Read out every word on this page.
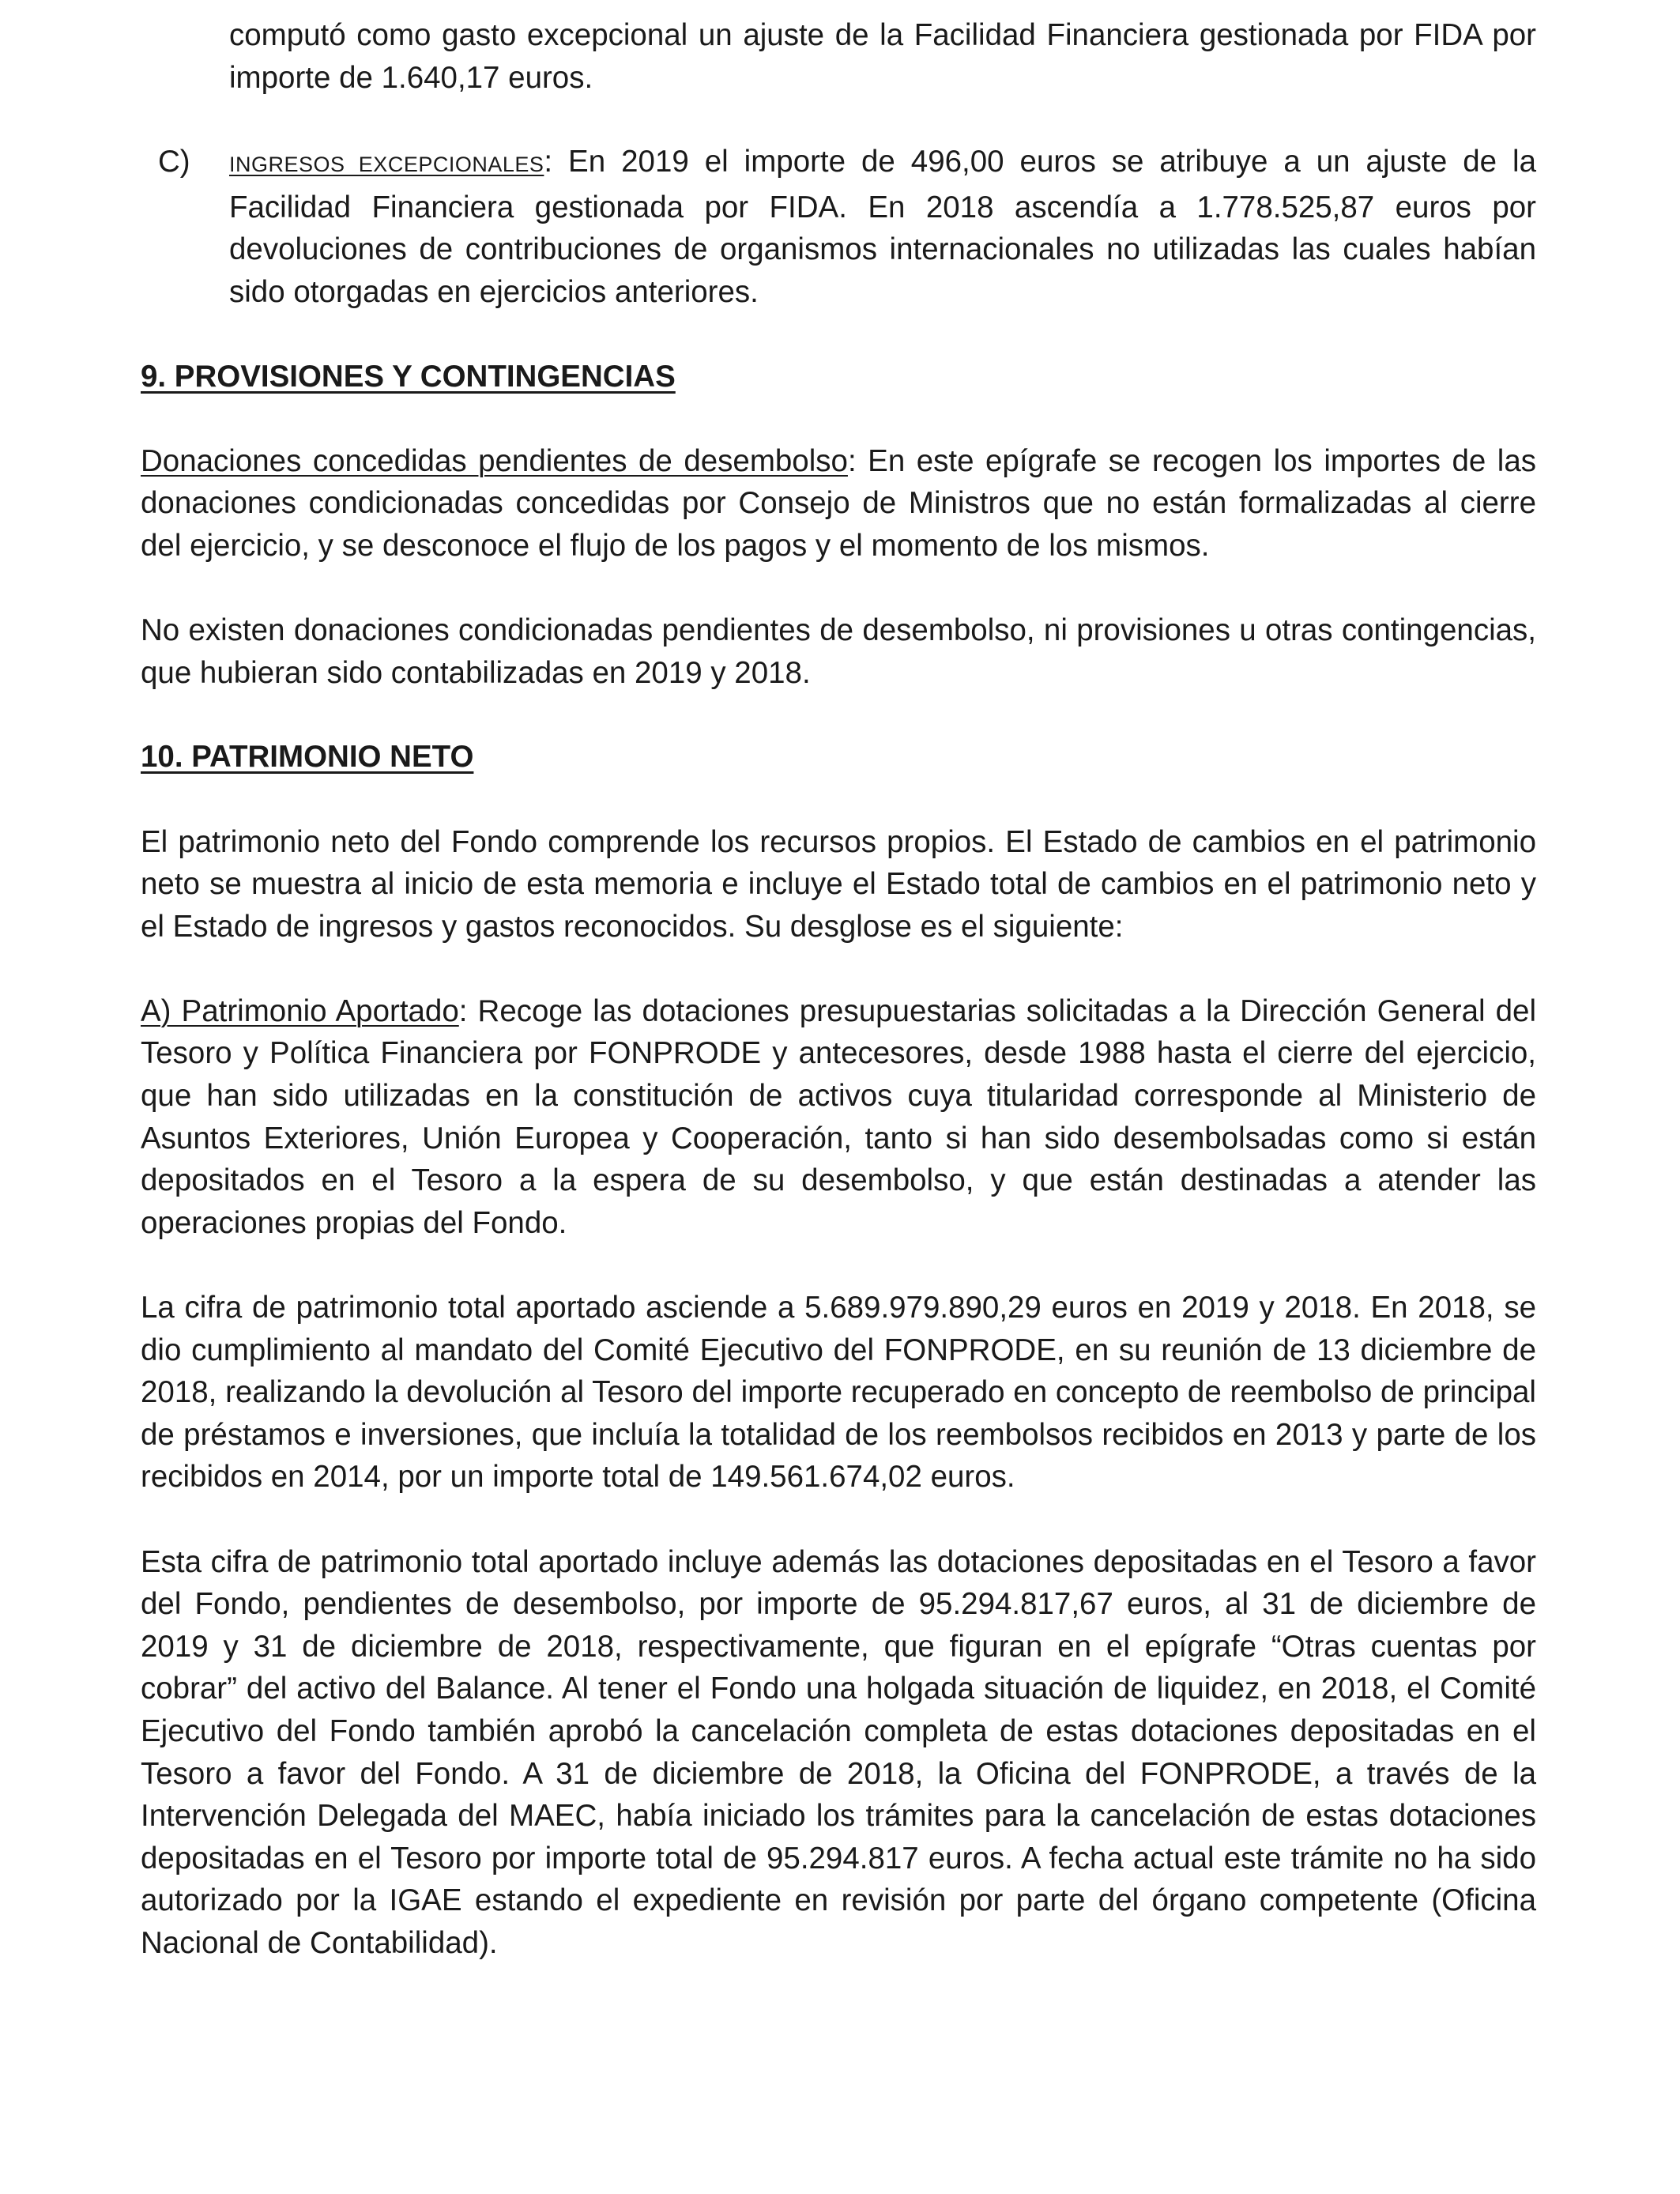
computó como gasto excepcional un ajuste de la Facilidad Financiera gestionada por FIDA por importe de 1.640,17 euros.

C) INGRESOS EXCEPCIONALES: En 2019 el importe de 496,00 euros se atribuye a un ajuste de la Facilidad Financiera gestionada por FIDA. En 2018 ascendía a 1.778.525,87 euros por devoluciones de contribuciones de organismos internacionales no utilizadas las cuales habían sido otorgadas en ejercicios anteriores.

9. PROVISIONES Y CONTINGENCIAS

Donaciones concedidas pendientes de desembolso: En este epígrafe se recogen los importes de las donaciones condicionadas concedidas por Consejo de Ministros que no están formalizadas al cierre del ejercicio, y se desconoce el flujo de los pagos y el momento de los mismos.

No existen donaciones condicionadas pendientes de desembolso, ni provisiones u otras contingencias, que hubieran sido contabilizadas en 2019 y 2018.

10. PATRIMONIO NETO

El patrimonio neto del Fondo comprende los recursos propios. El Estado de cambios en el patrimonio neto se muestra al inicio de esta memoria e incluye el Estado total de cambios en el patrimonio neto y el Estado de ingresos y gastos reconocidos. Su desglose es el siguiente:

A) Patrimonio Aportado: Recoge las dotaciones presupuestarias solicitadas a la Dirección General del Tesoro y Política Financiera por FONPRODE y antecesores, desde 1988 hasta el cierre del ejercicio, que han sido utilizadas en la constitución de activos cuya titularidad corresponde al Ministerio de Asuntos Exteriores, Unión Europea y Cooperación, tanto si han sido desembolsadas como si están depositados en el Tesoro a la espera de su desembolso, y que están destinadas a atender las operaciones propias del Fondo.

La cifra de patrimonio total aportado asciende a 5.689.979.890,29 euros en 2019 y 2018. En 2018, se dio cumplimiento al mandato del Comité Ejecutivo del FONPRODE, en su reunión de 13 diciembre de 2018, realizando la devolución al Tesoro del importe recuperado en concepto de reembolso de principal de préstamos e inversiones, que incluía la totalidad de los reembolsos recibidos en 2013 y parte de los recibidos en 2014, por un importe total de 149.561.674,02 euros.

Esta cifra de patrimonio total aportado incluye además las dotaciones depositadas en el Tesoro a favor del Fondo, pendientes de desembolso, por importe de 95.294.817,67 euros, al 31 de diciembre de 2019 y 31 de diciembre de 2018, respectivamente, que figuran en el epígrafe “Otras cuentas por cobrar” del activo del Balance. Al tener el Fondo una holgada situación de liquidez, en 2018, el Comité Ejecutivo del Fondo también aprobó la cancelación completa de estas dotaciones depositadas en el Tesoro a favor del Fondo. A 31 de diciembre de 2018, la Oficina del FONPRODE, a través de la Intervención Delegada del MAEC, había iniciado los trámites para la cancelación de estas dotaciones depositadas en el Tesoro por importe total de 95.294.817 euros. A fecha actual este trámite no ha sido autorizado por la IGAE estando el expediente en revisión por parte del órgano competente (Oficina Nacional de Contabilidad).
